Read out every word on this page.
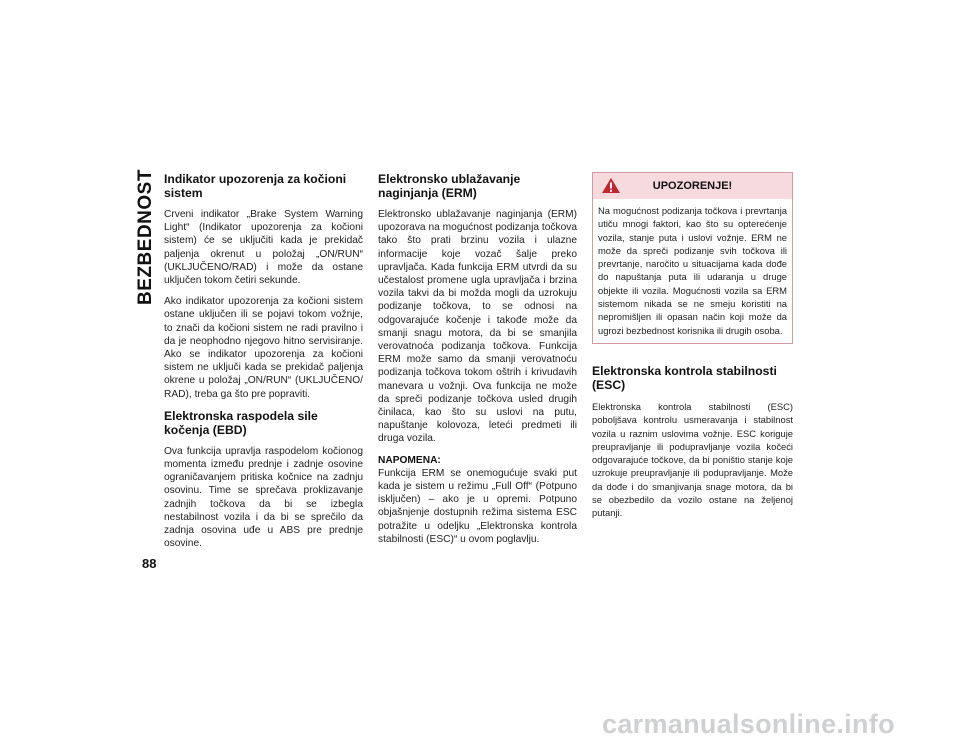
BEZBEDNOST
88
Indikator upozorenja za kočioni sistem

Crveni indikator „Brake System Warning Light“ (Indikator upozorenja za kočioni sistem) će se uključiti kada je prekidač paljenja okrenut u položaj „ON/RUN“ (UKLJUČENO/RAD) i može da ostane uključen tokom četiri sekunde.

Ako indikator upozorenja za kočioni sistem ostane uključen ili se pojavi tokom vožnje, to znači da kočioni sistem ne radi pravilno i da je neophodno njegovo hitno servisiranje. Ako se indikator upozorenja za kočioni sistem ne uključi kada se prekidač paljenja okrene u položaj „ON/RUN“ (UKLJUČENO/ RAD), treba ga što pre popraviti.

Elektronska raspodela sile kočenja (EBD)

Ova funkcija upravlja raspodelom kočionog momenta između prednje i zadnje osovine ograničavanjem pritiska kočnice na zadnju osovinu. Time se sprečava proklizavanje zadnjih točkova da bi se izbegla nestabilnost vozila i da bi se sprečilo da zadnja osovina uđe u ABS pre prednje osovine.

Elektronsko ublažavanje naginjanja (ERM)

Elektronsko ublažavanje naginjanja (ERM) upozorava na mogućnost podizanja točkova tako što prati brzinu vozila i ulazne informacije koje vozač šalje preko upravljača. Kada funkcija ERM utvrdi da su učestalost promene ugla upravljača i brzina vozila takvi da bi možda mogli da uzrokuju podizanje točkova, to se odnosi na odgovarajuće kočenje i takođe može da smanji snagu motora, da bi se smanjila verovatnoća podizanja točkova. Funkcija ERM može samo da smanji verovatnoću podizanja točkova tokom oštrih i krivudavih manevara u vožnji. Ova funkcija ne može da spreči podizanje točkova usled drugih činilaca, kao što su uslovi na putu, napuštanje kolovoza, leteći predmeti ili druga vozila.

NAPOMENA:

Funkcija ERM se onemogućuje svaki put kada je sistem u režimu „Full Off“ (Potpuno isključen) – ako je u opremi. Potpuno objašnjenje dostupnih režima sistema ESC potražite u odeljku „Elektronska kontrola stabilnosti (ESC)“ u ovom poglavlju.

UPOZORENJE!
Na mogućnost podizanja točkova i prevrtanja utiču mnogi faktori, kao što su opterećenje vozila, stanje puta i uslovi vožnje. ERM ne može da spreči podizanje svih točkova ili prevrtanje, naročito u situacijama kada dođe do napuštanja puta ili udaranja u druge objekte ili vozila. Mogućnosti vozila sa ERM sistemom nikada se ne smeju koristiti na nepromišljen ili opasan način koji može da ugrozi bezbednost korisnika ili drugih osoba.
Elektronska kontrola stabilnosti (ESC)

Elektronska kontrola stabilnosti (ESC) poboljšava kontrolu usmeravanja i stabilnost vozila u raznim uslovima vožnje. ESC koriguje preupravljanje ili podupravljanje vozila kočeći odgovarajuće točkove, da bi poništio stanje koje uzrokuje preupravljanje ili podupravljanje. Može da dođe i do smanjivanja snage motora, da bi se obezbedilo da vozilo ostane na željenoj putanji.

carmanualsonline.info
